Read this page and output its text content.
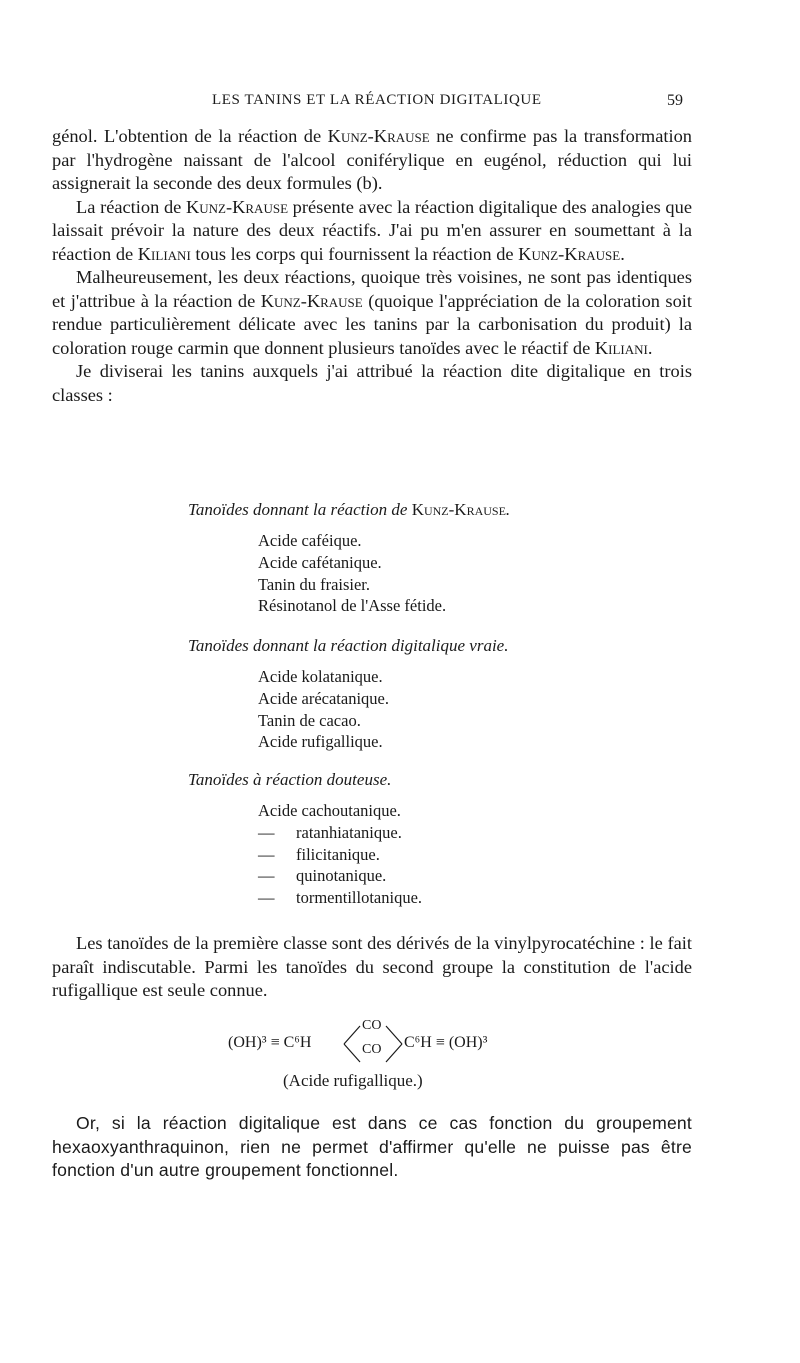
LES TANINS ET LA RÉACTION DIGITALIQUE	59

génol. L'obtention de la réaction de Kunz-Krause ne confirme pas la transformation par l'hydrogène naissant de l'alcool coniférylique en eugénol, réduction qui lui assignerait la seconde des deux formules (b).

La réaction de Kunz-Krause présente avec la réaction digitalique des analogies que laissait prévoir la nature des deux réactifs. J'ai pu m'en assurer en soumettant à la réaction de Kiliani tous les corps qui fournissent la réaction de Kunz-Krause.

Malheureusement, les deux réactions, quoique très voisines, ne sont pas identiques et j'attribue à la réaction de Kunz-Krause (quoique l'appréciation de la coloration soit rendue particulièrement délicate avec les tanins par la carbonisation du produit) la coloration rouge carmin que donnent plusieurs tanoïdes avec le réactif de Kiliani.

Je diviserai les tanins auxquels j'ai attribué la réaction dite digitalique en trois classes :

Tanoïdes donnant la réaction de Kunz-Krause.
Acide caféique.
Acide cafétanique.
Tanin du fraisier.
Résinotanol de l'Asse fétide.
Tanoïdes donnant la réaction digitalique vraie.
Acide kolatanique.
Acide arécatanique.
Tanin de cacao.
Acide rufigallique.
Tanoïdes à réaction douteuse.
Acide cachoutanique.
— ratanhiatanique.
— filicitanique.
— quinotanique.
— tormentillotanique.

Les tanoïdes de la première classe sont des dérivés de la vinylpyrocatéchine : le fait paraît indiscutable. Parmi les tanoïdes du second groupe la constitution de l'acide rufigallique est seule connue.

(OH)³ ≡ C⁶H
CO
CO C⁶H ≡ (OH)³
(Acide rufigallique.)

Or, si la réaction digitalique est dans ce cas fonction du groupement hexaoxyanthraquinon, rien ne permet d'affirmer qu'elle ne puisse pas être fonction d'un autre groupement fonctionnel.
